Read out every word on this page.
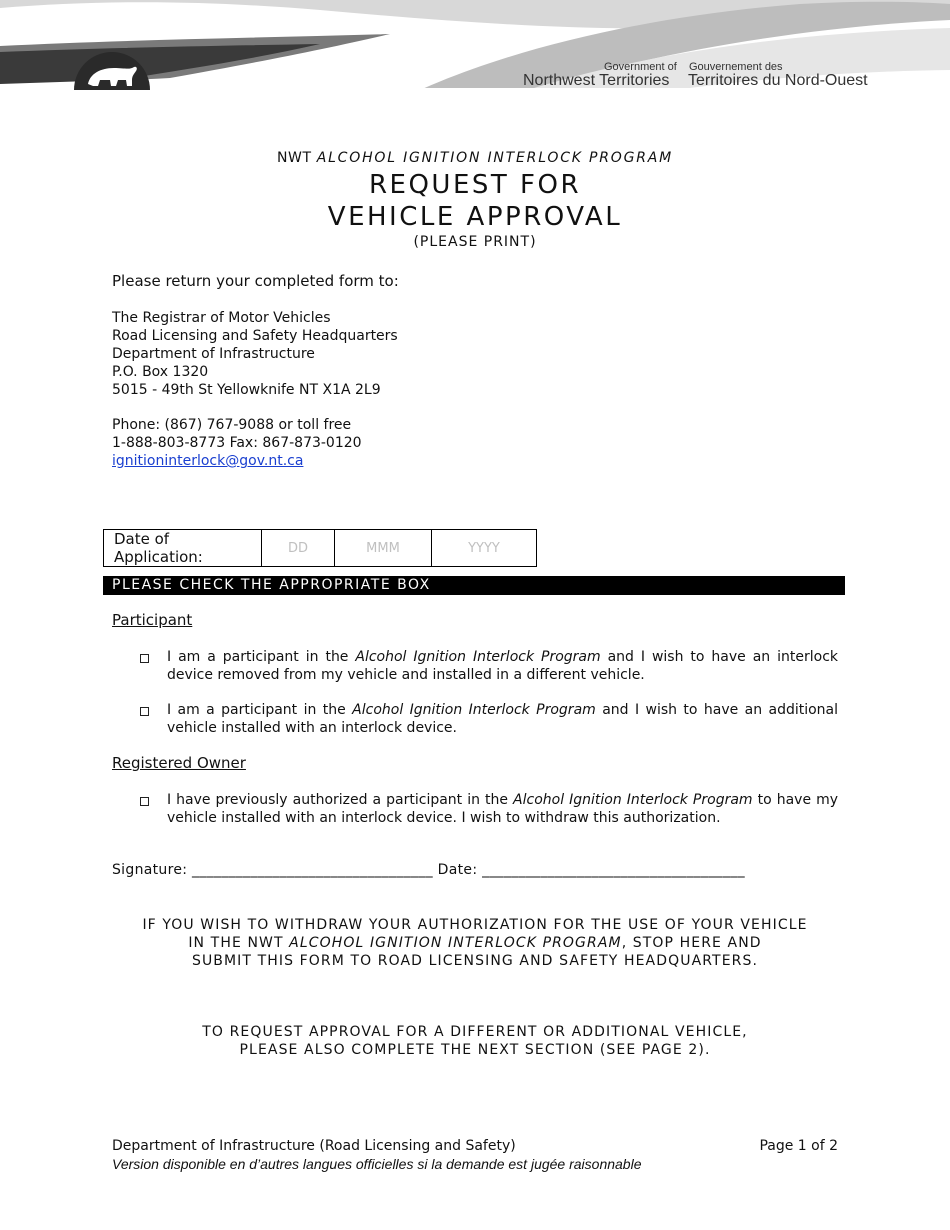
Government of
Northwest Territories
Gouvernement des
Territoires du Nord-Ouest
NWT ALCOHOL IGNITION INTERLOCK PROGRAM
REQUEST FOR
VEHICLE APPROVAL
(PLEASE PRINT)
Please return your completed form to:
The Registrar of Motor Vehicles
Road Licensing and Safety Headquarters
Department of Infrastructure
P.O. Box 1320
5015 - 49th St Yellowknife NT X1A 2L9
Phone: (867) 767-9088 or toll free
1-888-803-8773 Fax: 867-873-0120
ignitioninterlock@gov.nt.ca
Date of Application:	DD	MMM	YYYY
PLEASE CHECK THE APPROPRIATE BOX
Participant
I am a participant in the Alcohol Ignition Interlock Program and I wish to have an interlock device removed from my vehicle and installed in a different vehicle.
I am a participant in the Alcohol Ignition Interlock Program and I wish to have an additional vehicle installed with an interlock device.
Registered Owner
I have previously authorized a participant in the Alcohol Ignition Interlock Program to have my vehicle installed with an interlock device. I wish to withdraw this authorization.
Signature: _________________________________ Date: ____________________________________
IF YOU WISH TO WITHDRAW YOUR AUTHORIZATION FOR THE USE OF YOUR VEHICLE
IN THE NWT ALCOHOL IGNITION INTERLOCK PROGRAM, STOP HERE AND
SUBMIT THIS FORM TO ROAD LICENSING AND SAFETY HEADQUARTERS.
TO REQUEST APPROVAL FOR A DIFFERENT OR ADDITIONAL VEHICLE,
PLEASE ALSO COMPLETE THE NEXT SECTION (SEE PAGE 2).
Department of Infrastructure (Road Licensing and Safety)
Version disponible en d’autres langues officielles si la demande est jugée raisonnable
Page 1 of 2
